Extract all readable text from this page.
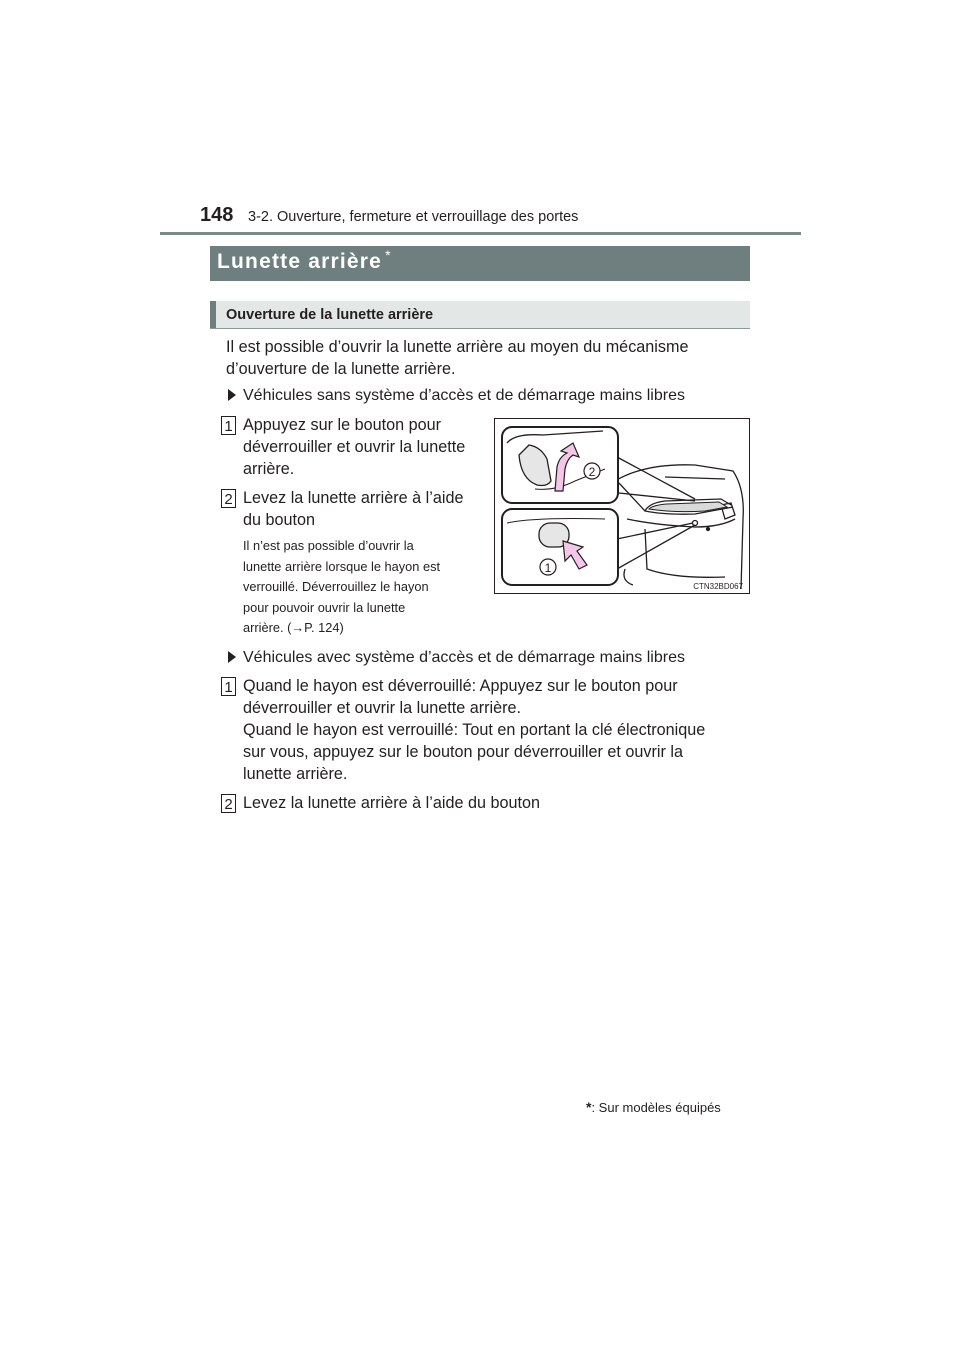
148 3-2. Ouverture, fermeture et verrouillage des portes
Lunette arrière *
Ouverture de la lunette arrière
Il est possible d’ouvrir la lunette arrière au moyen du mécanisme
d’ouverture de la lunette arrière.
Véhicules sans système d’accès et de démarrage mains libres
1 Appuyez sur le bouton pour
déverrouiller et ouvrir la lunette
arrière.
2 Levez la lunette arrière à l’aide
du bouton
Il n’est pas possible d’ouvrir la
lunette arrière lorsque le hayon est
verrouillé. Déverrouillez le hayon
pour pouvoir ouvrir la lunette
arrière. (→P. 124)
2
1
CTN32BD067
Véhicules avec système d’accès et de démarrage mains libres
1 Quand le hayon est déverrouillé: Appuyez sur le bouton pour
déverrouiller et ouvrir la lunette arrière.
Quand le hayon est verrouillé: Tout en portant la clé électronique
sur vous, appuyez sur le bouton pour déverrouiller et ouvrir la
lunette arrière.
2 Levez la lunette arrière à l’aide du bouton
*: Sur modèles équipés
